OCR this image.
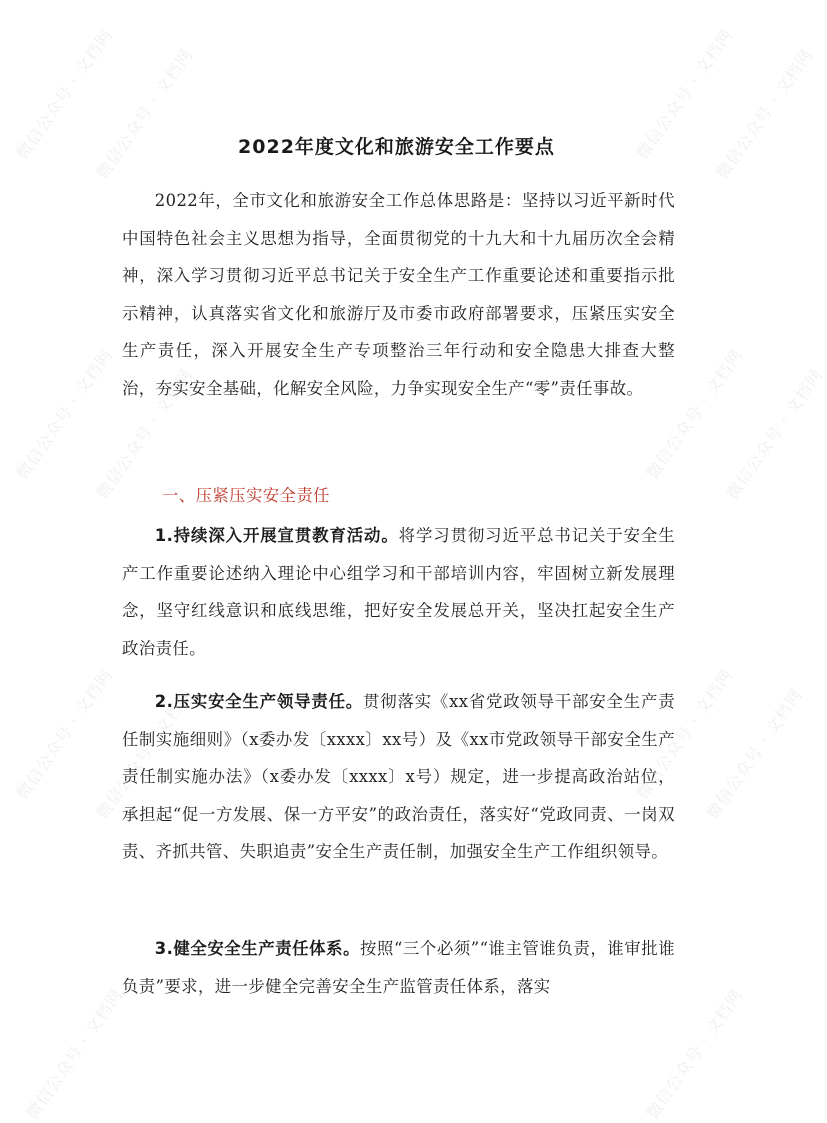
2022年度文化和旅游安全工作要点

2022年，全市文化和旅游安全工作总体思路是：坚持以习近平新时代中国特色社会主义思想为指导，全面贯彻党的十九大和十九届历次全会精神，深入学习贯彻习近平总书记关于安全生产工作重要论述和重要指示批示精神，认真落实省文化和旅游厅及市委市政府部署要求，压紧压实安全生产责任，深入开展安全生产专项整治三年行动和安全隐患大排查大整治，夯实安全基础，化解安全风险，力争实现安全生产“零”责任事故。

一、压紧压实安全责任

1.持续深入开展宣贯教育活动。将学习贯彻习近平总书记关于安全生产工作重要论述纳入理论中心组学习和干部培训内容，牢固树立新发展理念，坚守红线意识和底线思维，把好安全发展总开关，坚决扛起安全生产政治责任。

2.压实安全生产领导责任。贯彻落实《xx省党政领导干部安全生产责任制实施细则》（x委办发〔xxxx〕xx号）及《xx市党政领导干部安全生产责任制实施办法》（x委办发〔xxxx〕x号）规定，进一步提高政治站位，承担起“促一方发展、保一方平安”的政治责任，落实好“党政同责、一岗双责、齐抓共管、失职追责”安全生产责任制，加强安全生产工作组织领导。

3.健全安全生产责任体系。按照“三个必须”“谁主管谁负责，谁审批谁负责”要求，进一步健全完善安全生产监管责任体系，落实

微信公众号 · 文档网
微信公众号 · 文档网	微信公众号 · 文档网
微信公众号 · 文档网
微信公众号 · 文档网
微信公众号 · 文档网	微信公众号 · 文档网
微信公众号 · 文档网
微信公众号 · 文档网
微信公众号 · 文档网	微信公众号 · 文档网
微信公众号 · 文档网
微信公众号 · 文档网	微信公众号 · 文档网
